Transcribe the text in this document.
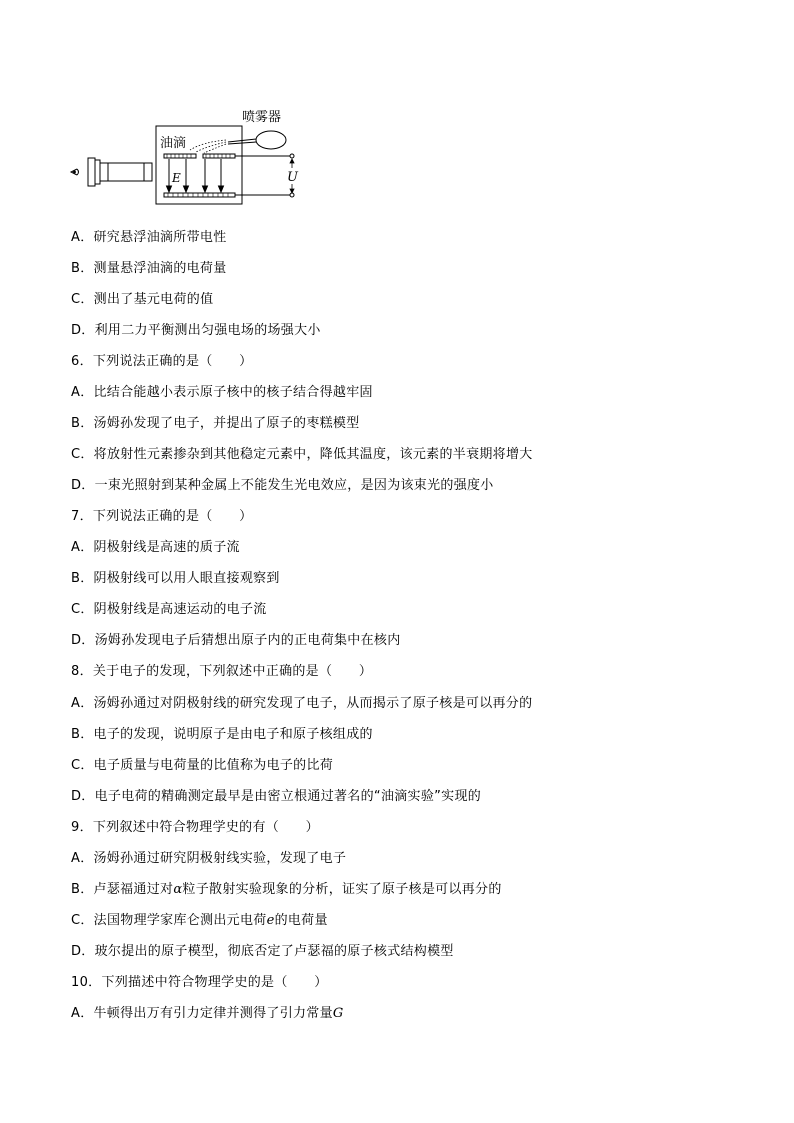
喷雾器
油滴
E	U
A．研究悬浮油滴所带电性
B．测量悬浮油滴的电荷量
C．测出了基元电荷的值
D．利用二力平衡测出匀强电场的场强大小
6．下列说法正确的是（　　）
A．比结合能越小表示原子核中的核子结合得越牢固
B．汤姆孙发现了电子，并提出了原子的枣糕模型
C．将放射性元素掺杂到其他稳定元素中，降低其温度，该元素的半衰期将增大
D．一束光照射到某种金属上不能发生光电效应，是因为该束光的强度小
7．下列说法正确的是（　　）
A．阴极射线是高速的质子流
B．阴极射线可以用人眼直接观察到
C．阴极射线是高速运动的电子流
D．汤姆孙发现电子后猜想出原子内的正电荷集中在核内
8．关于电子的发现，下列叙述中正确的是（　　）
A．汤姆孙通过对阴极射线的研究发现了电子，从而揭示了原子核是可以再分的
B．电子的发现，说明原子是由电子和原子核组成的
C．电子质量与电荷量的比值称为电子的比荷
D．电子电荷的精确测定最早是由密立根通过著名的“油滴实验”实现的
9．下列叙述中符合物理学史的有（　　）
A．汤姆孙通过研究阴极射线实验，发现了电子
B．卢瑟福通过对α粒子散射实验现象的分析，证实了原子核是可以再分的
C．法国物理学家库仑测出元电荷e的电荷量
D．玻尔提出的原子模型，彻底否定了卢瑟福的原子核式结构模型
10．下列描述中符合物理学史的是（　　）
A．牛顿得出万有引力定律并测得了引力常量G
